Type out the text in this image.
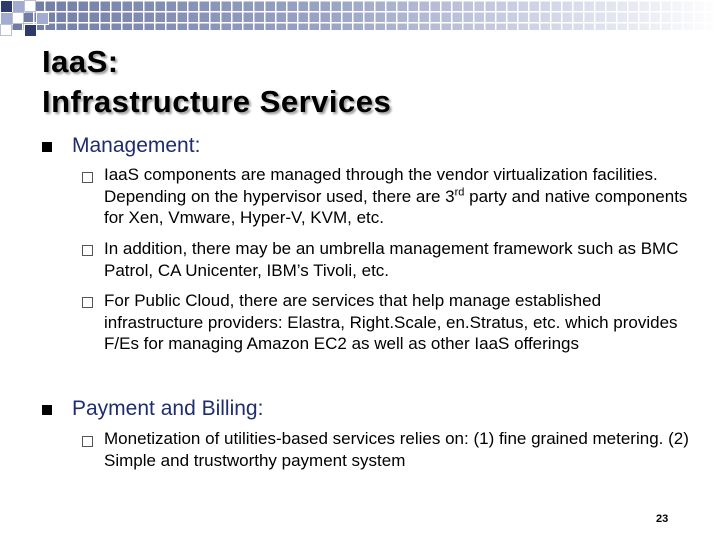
IaaS:
Infrastructure Services
Management:

IaaS components are managed through the vendor virtualization facilities. Depending on the hypervisor used, there are 3rd party and native components for Xen, Vmware, Hyper-V, KVM, etc.

In addition, there may be an umbrella management framework such as BMC Patrol, CA Unicenter, IBM’s Tivoli, etc.

For Public Cloud, there are services that help manage established infrastructure providers: Elastra, Right.Scale, en.Stratus, etc. which provides F/Es for managing Amazon EC2 as well as other IaaS offerings

Payment and Billing:

Monetization of utilities-based services relies on: (1) fine grained metering. (2) Simple and trustworthy payment system

23
